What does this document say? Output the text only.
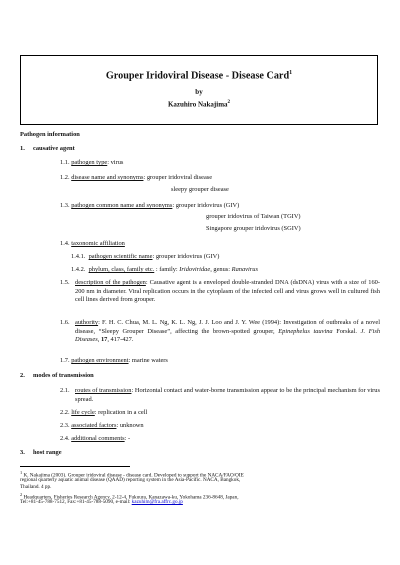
Grouper Iridoviral Disease - Disease Card$^1$
by
Kazuhiro Nakajima$^2$
Pathogen information
1. causative agent
1.1. pathogen type: virus
1.2. disease name and synonyms: grouper iridoviral disease
sleepy grouper disease
1.3. pathogen common name and synonyms: grouper iridovirus (GIV)
grouper iridovirus of Taiwan (TGIV)
Singapore grouper iridovirus (SGIV)
1.4. taxonomic affiliation
1.4.1. pathogen scientific name: grouper iridovirus (GIV)
1.4.2. phylum, class, family etc. : family: Iridoviridae, genus: Ranavirus
1.5. description of the pathogen: Causative agent is a enveloped double-stranded DNA (dsDNA) virus with a size of 160-200 nm in diameter. Viral replication occurs in the cytoplasm of the infected cell and virus grows well in cultured fish cell lines derived from grouper.
1.6. authority: F. H. C. Chua, M. L. Ng, K. L. Ng, J. J. Loo and J. Y. Wee (1994): Investigation of outbreaks of a novel disease, “Sleepy Grouper Disease”, affecting the brown-spotted grouper, Epinephelus tauvina Forskal. J. Fish Diseases, 17, 417-427.
1.7. pathogen environment: marine waters
2. modes of transmission
2.1. routes of transmission: Horizontal contact and water-borne transmission appear to be the principal mechanism for virus spread.
2.2. life cycle: replication in a cell
2.3. associated factors: unknown
2.4. additional comments: -
3. host range
$^1$ K. Nakajima (2003). Grouper iridoviral disease - disease card. Developed to support the NACA/FAO/OIE
regional quarterly aquatic animal disease (QAAD) reporting system in the Asia-Pacific. NACA, Bangkok,
Thailand. 4 pp.
$^2$ Headquarters, Fisheries Research Agency, 2-12-4, Fukuura, Kanazawa-ku, Yokohama 236-8648, Japan,
Tel:+81-45-788-7512, Fax:+81-45-788-5090, e-mail: kazuhim@fra.affrc.go.jp
